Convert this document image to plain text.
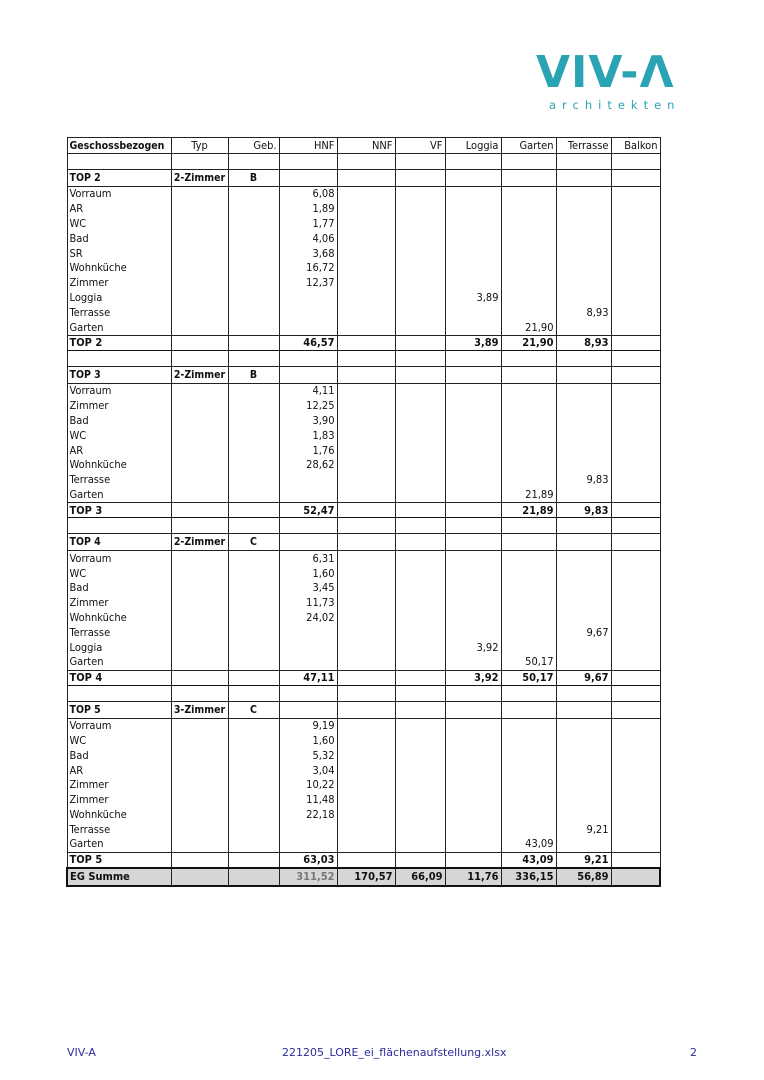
VIV-Λ
architekten
Geschossbezogen	Typ	Geb.	HNF	NNF	VF	Loggia	Garten	Terrasse	Balkon

TOP 2	2-Zimmer	B							
Vorraum			6,08						
AR			1,89						
WC			1,77						
Bad			4,06						
SR			3,68						
Wohnküche			16,72						
Zimmer			12,37						
Loggia						3,89			
Terrasse								8,93	
Garten							21,90		
TOP 2			46,57			3,89	21,90	8,93	

TOP 3	2-Zimmer	B							
Vorraum			4,11						
Zimmer			12,25						
Bad			3,90						
WC			1,83						
AR			1,76						
Wohnküche			28,62						
Terrasse								9,83	
Garten							21,89		
TOP 3			52,47				21,89	9,83	

TOP 4	2-Zimmer	C							
Vorraum			6,31						
WC			1,60						
Bad			3,45						
Zimmer			11,73						
Wohnküche			24,02						
Terrasse								9,67	
Loggia						3,92			
Garten							50,17		
TOP 4			47,11			3,92	50,17	9,67	

TOP 5	3-Zimmer	C							
Vorraum			9,19						
WC			1,60						
Bad			5,32						
AR			3,04						
Zimmer			10,22						
Zimmer			11,48						
Wohnküche			22,18						
Terrasse								9,21	
Garten							43,09		
TOP 5			63,03				43,09	9,21	
EG Summe			311,52	170,57	66,09	11,76	336,15	56,89	
VIV-A	221205_LORE_ei_flächenaufstellung.xlsx	2
